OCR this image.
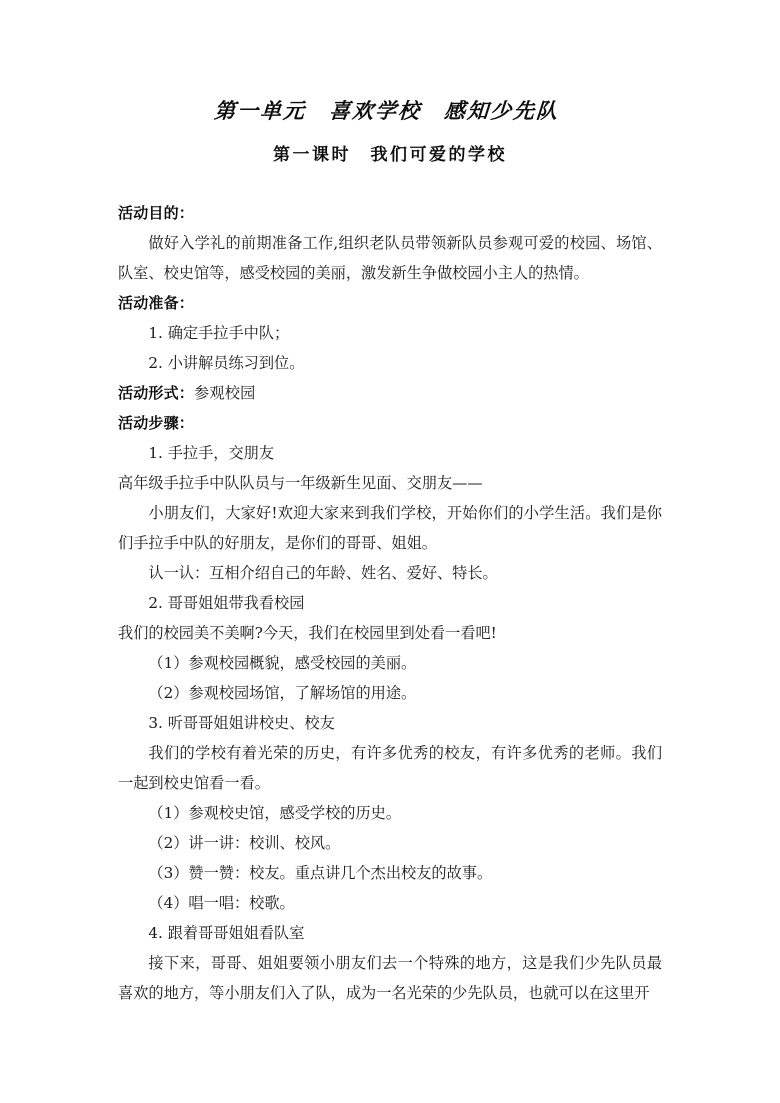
第一单元　喜欢学校　感知少先队
第一课时　我们可爱的学校

活动目的：

做好入学礼的前期准备工作,组织老队员带领新队员参观可爱的校园、场馆、队室、校史馆等，感受校园的美丽，激发新生争做校园小主人的热情。

活动准备：

1. 确定手拉手中队；

2. 小讲解员练习到位。

活动形式：参观校园

活动步骤：

1. 手拉手，交朋友

高年级手拉手中队队员与一年级新生见面、交朋友——

小朋友们，大家好!欢迎大家来到我们学校，开始你们的小学生活。我们是你们手拉手中队的好朋友，是你们的哥哥、姐姐。

认一认：互相介绍自己的年龄、姓名、爱好、特长。

2. 哥哥姐姐带我看校园

我们的校园美不美啊?今天，我们在校园里到处看一看吧!

（1）参观校园概貌，感受校园的美丽。

（2）参观校园场馆，了解场馆的用途。

3. 听哥哥姐姐讲校史、校友

我们的学校有着光荣的历史，有许多优秀的校友，有许多优秀的老师。我们一起到校史馆看一看。

（1）参观校史馆，感受学校的历史。

（2）讲一讲：校训、校风。

（3）赞一赞：校友。重点讲几个杰出校友的故事。

（4）唱一唱：校歌。

4. 跟着哥哥姐姐看队室

接下来，哥哥、姐姐要领小朋友们去一个特殊的地方，这是我们少先队员最喜欢的地方，等小朋友们入了队，成为一名光荣的少先队员，也就可以在这里开
